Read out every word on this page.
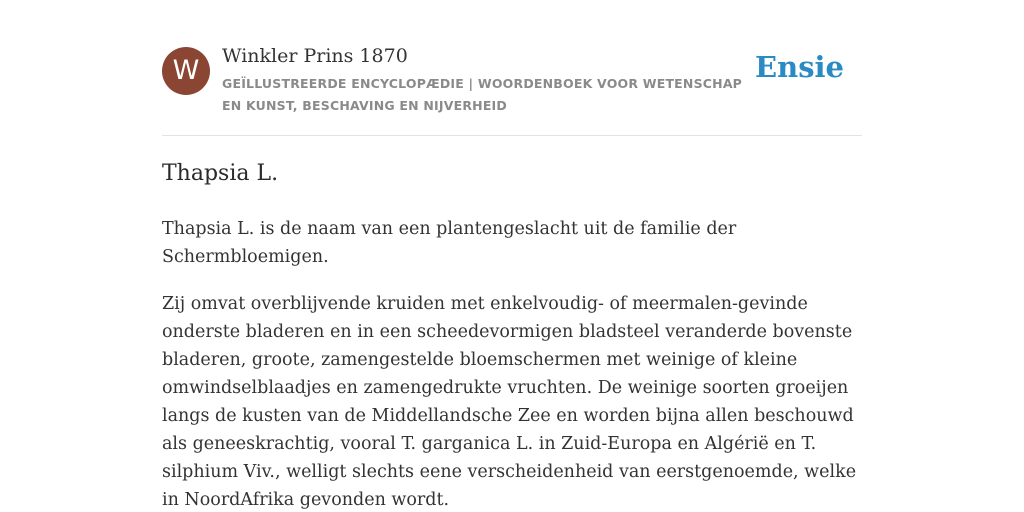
W	Winkler Prins 1870
GEÏLLUSTREERDE ENCYCLOPÆDIE | WOORDENBOEK VOOR WETENSCHAP EN KUNST, BESCHAVING EN NIJVERHEID
Ensie
Thapsia L.

Thapsia L. is de naam van een plantengeslacht uit de familie der Schermbloemigen.

Zij omvat overblijvende kruiden met enkelvoudig- of meermalen-gevinde onderste bladeren en in een scheedevormigen bladsteel veranderde bovenste bladeren, groote, zamengestelde bloemschermen met weinige of kleine omwindselblaadjes en zamengedrukte vruchten. De weinige soorten groeijen langs de kusten van de Middellandsche Zee en worden bijna allen beschouwd als geneeskrachtig, vooral T. garganica L. in Zuid-Europa en Algérië en T. silphium Viv., welligt slechts eene verscheidenheid van eerstgenoemde, welke in NoordAfrika gevonden wordt.
